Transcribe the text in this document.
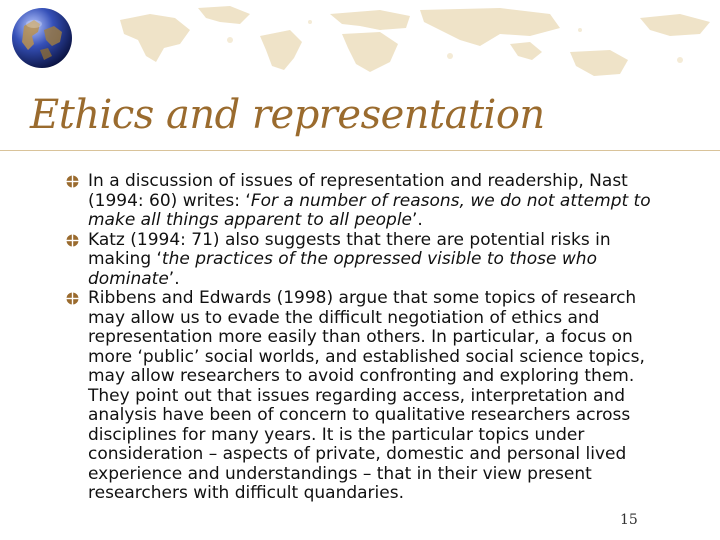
Ethics and representation
In a discussion of issues of representation and readership, Nast (1994: 60) writes: ‘For a number of reasons, we do not attempt to make all things apparent to all people’.
Katz (1994: 71) also suggests that there are potential risks in making ‘the practices of the oppressed visible to those who dominate’.
Ribbens and Edwards (1998) argue that some topics of research may allow us to evade the difficult negotiation of ethics and representation more easily than others. In particular, a focus on more ‘public’ social worlds, and established social science topics, may allow researchers to avoid confronting and exploring them. They point out that issues regarding access, interpretation and analysis have been of concern to qualitative researchers across disciplines for many years. It is the particular topics under consideration – aspects of private, domestic and personal lived experience and understandings – that in their view present researchers with difficult quandaries.
15
